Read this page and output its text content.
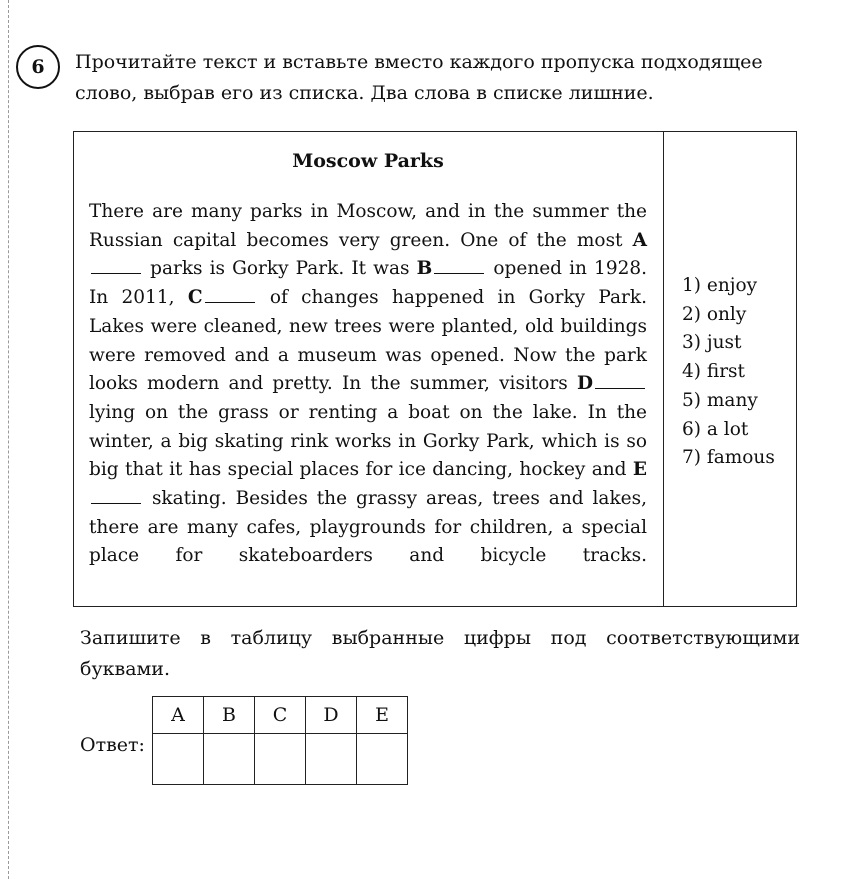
6 Прочитайте текст и вставьте вместо каждого пропуска подходящее слово, выбрав его из списка. Два слова в списке лишние.

Moscow Parks

There are many parks in Moscow, and in the summer the Russian capital becomes very green. One of the most A parks is Gorky Park. It was B	opened in 1928. In 2011, C	of changes happened in Gorky Park. Lakes were cleaned, new trees were planted, old buildings were removed and a museum was opened. Now the park looks modern and pretty. In the summer, visitors D lying on the grass or renting a boat on the lake. In the winter, a big skating rink works in Gorky Park, which is so big that it has special places for ice dancing, hockey and E skating. Besides the grassy areas, trees and lakes, there are many cafes, playgrounds for children, a special place for skateboarders and bicycle tracks.

1) enjoy
2) only
3) just
4) first
5) many
6) a lot
7) famous

Запишите в таблицу выбранные цифры под соответствующими буквами.

Ответ:
A	B	C	D	E
